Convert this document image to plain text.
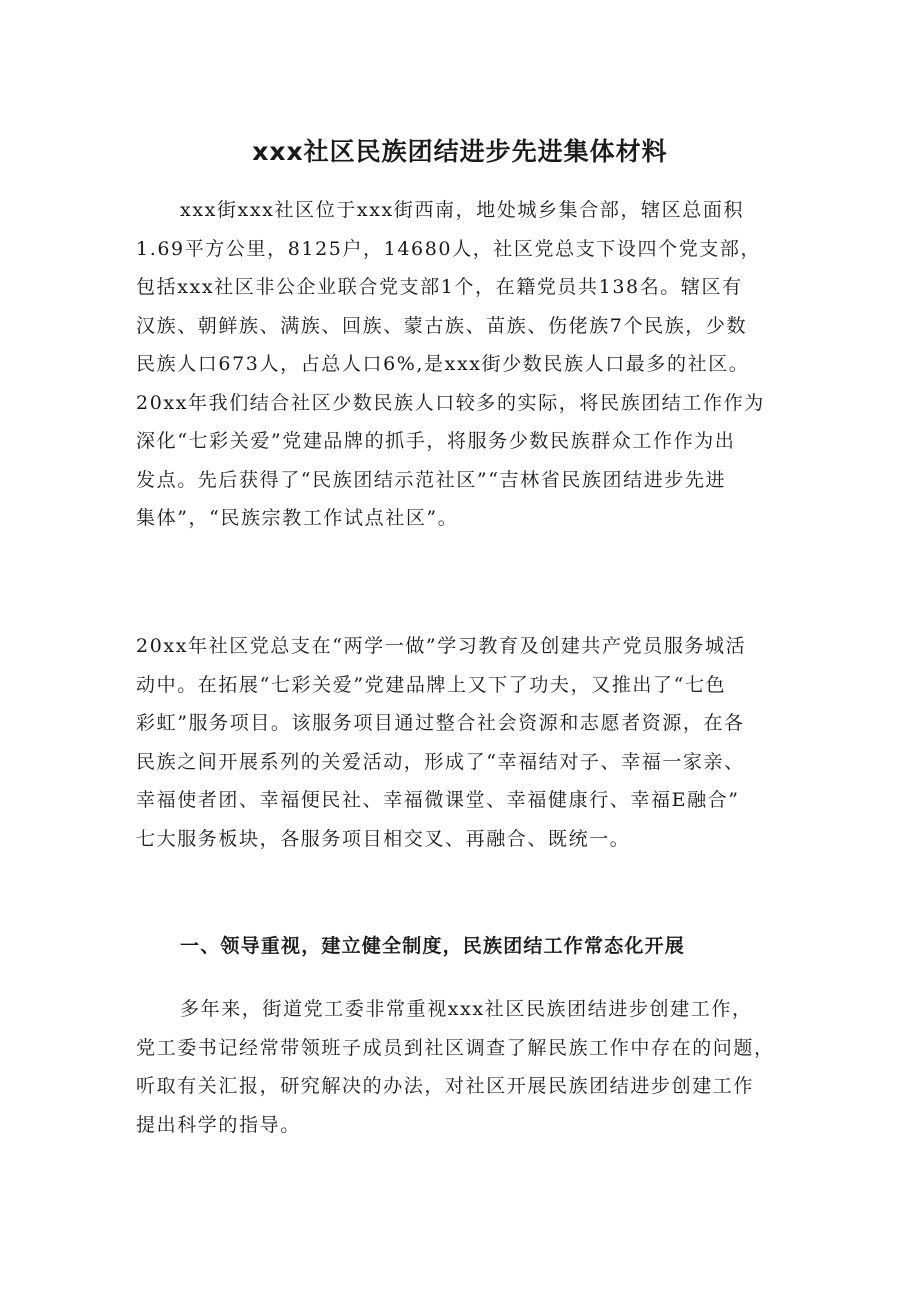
xxx社区民族团结进步先进集体材料
xxx街xxx社区位于xxx街西南，地处城乡集合部，辖区总面积
1.69平方公里，8125户，14680人，社区党总支下设四个党支部，
包括xxx社区非公企业联合党支部1个，在籍党员共138名。辖区有
汉族、朝鲜族、满族、回族、蒙古族、苗族、伤佬族7个民族，少数
民族人口673人，占总人口6%,是xxx街少数民族人口最多的社区。
20xx年我们结合社区少数民族人口较多的实际，将民族团结工作作为
深化“七彩关爱”党建品牌的抓手，将服务少数民族群众工作作为出
发点。先后获得了“民族团结示范社区”“吉林省民族团结进步先进
集体”，“民族宗教工作试点社区”。
20xx年社区党总支在“两学一做”学习教育及创建共产党员服务城活
动中。在拓展“七彩关爱”党建品牌上又下了功夫，又推出了“七色
彩虹”服务项目。该服务项目通过整合社会资源和志愿者资源，在各
民族之间开展系列的关爱活动，形成了“幸福结对子、幸福一家亲、
幸福使者团、幸福便民社、幸福微课堂、幸福健康行、幸福E融合”
七大服务板块，各服务项目相交叉、再融合、既统一。
一、领导重视，建立健全制度，民族团结工作常态化开展
多年来，街道党工委非常重视xxx社区民族团结进步创建工作，
党工委书记经常带领班子成员到社区调查了解民族工作中存在的问题，
听取有关汇报，研究解决的办法，对社区开展民族团结进步创建工作
提出科学的指导。
